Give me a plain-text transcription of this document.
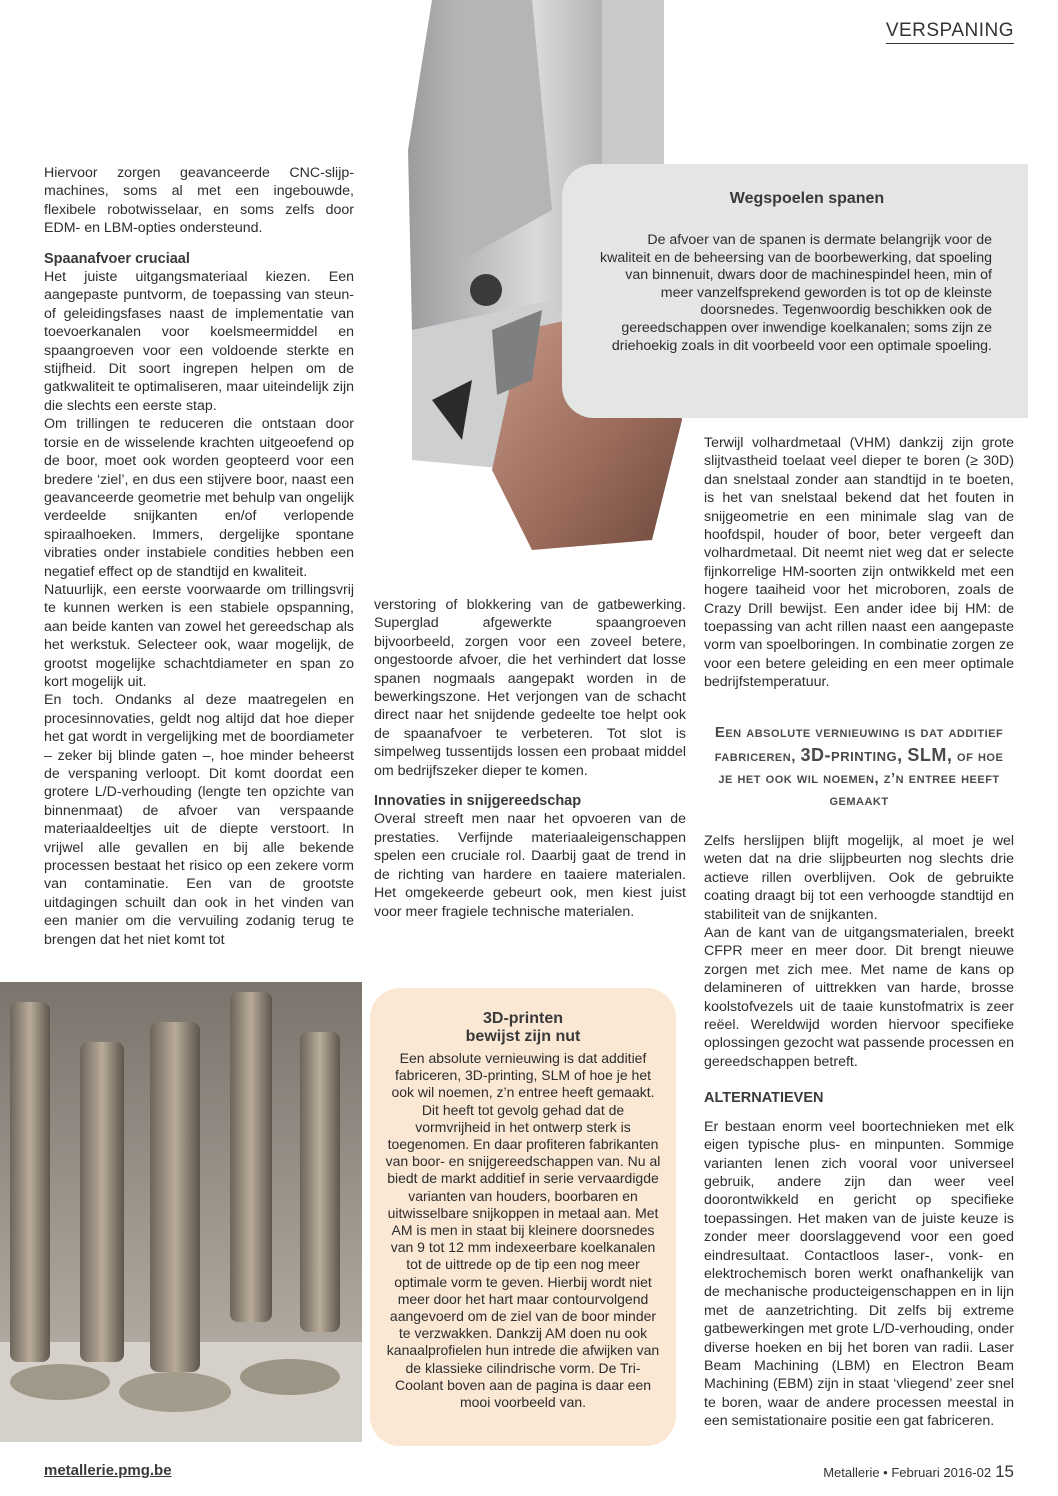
VERSPANING
Wegspoelen spanen
De afvoer van de spanen is dermate belangrijk voor de kwaliteit en de beheersing van de boorbewerking, dat spoeling van binnenuit, dwars door de machinespindel heen, min of meer vanzelfsprekend geworden is tot op de kleinste doorsnedes. Tegenwoordig beschikken ook de gereedschappen over inwendige koelkanalen; soms zijn ze driehoekig zoals in dit voorbeeld voor een optimale spoeling.

Hiervoor zorgen geavanceerde CNC-slijpmachines, soms al met een ingebouwde, flexibele robotwisselaar, en soms zelfs door EDM- en LBM-opties ondersteund.

Spaanafvoer cruciaal

Het juiste uitgangsmateriaal kiezen. Een aangepaste puntvorm, de toepassing van steun- of geleidingsfases naast de implementatie van toevoerkanalen voor koelsmeermiddel en spaangroeven voor een voldoende sterkte en stijfheid. Dit soort ingrepen helpen om de gatkwaliteit te optimaliseren, maar uiteindelijk zijn die slechts een eerste stap.

Om trillingen te reduceren die ontstaan door torsie en de wisselende krachten uitgeoefend op de boor, moet ook worden geopteerd voor een bredere ‘ziel’, en dus een stijvere boor, naast een geavanceerde geometrie met behulp van ongelijk verdeelde snijkanten en/of verlopende spiraalhoeken. Immers, dergelijke spontane vibraties onder instabiele condities hebben een negatief effect op de standtijd en kwaliteit.

Natuurlijk, een eerste voorwaarde om trillingsvrij te kunnen werken is een stabiele opspanning, aan beide kanten van zowel het gereedschap als het werkstuk. Selecteer ook, waar mogelijk, de grootst mogelijke schachtdiameter en span zo kort mogelijk uit.

En toch. Ondanks al deze maatregelen en procesinnovaties, geldt nog altijd dat hoe dieper het gat wordt in vergelijking met de boordiameter – zeker bij blinde gaten –, hoe minder beheerst de verspaning verloopt. Dit komt doordat een grotere L/D-verhouding (lengte ten opzichte van binnenmaat) de afvoer van verspaande materiaaldeeltjes uit de diepte verstoort. In vrijwel alle gevallen en bij alle bekende processen bestaat het risico op een zekere vorm van contaminatie. Een van de grootste uitdagingen schuilt dan ook in het vinden van een manier om die vervuiling zodanig terug te brengen dat het niet komt tot

verstoring of blokkering van de gatbewerking. Superglad afgewerkte spaangroeven bijvoorbeeld, zorgen voor een zoveel betere, ongestoorde afvoer, die het verhindert dat losse spanen nogmaals aangepakt worden in de bewerkingszone. Het verjongen van de schacht direct naar het snijdende gedeelte toe helpt ook de spaanafvoer te verbeteren. Tot slot is simpelweg tussentijds lossen een probaat middel om bedrijfszeker dieper te komen.

Innovaties in snijgereedschap

Overal streeft men naar het opvoeren van de prestaties. Verfijnde materiaaleigenschappen spelen een cruciale rol. Daarbij gaat de trend in de richting van hardere en taaiere materialen. Het omgekeerde gebeurt ook, men kiest juist voor meer fragiele technische materialen.

Terwijl volhardmetaal (VHM) dankzij zijn grote slijtvastheid toelaat veel dieper te boren (≥ 30D) dan snelstaal zonder aan standtijd in te boeten, is het van snelstaal bekend dat het fouten in snijgeometrie en een minimale slag van de hoofdspil, houder of boor, beter vergeeft dan volhardmetaal. Dit neemt niet weg dat er selecte fijnkorrelige HM-soorten zijn ontwikkeld met een hogere taaiheid voor het microboren, zoals de Crazy Drill bewijst. Een ander idee bij HM: de toepassing van acht rillen naast een aangepaste vorm van spoelboringen. In combinatie zorgen ze voor een betere geleiding en een meer optimale bedrijfstemperatuur.

Een absolute vernieuwing is dat additief fabriceren, 3D-printing, SLM, of hoe je het ook wil noemen, z’n entree heeft gemaakt

Zelfs herslijpen blijft mogelijk, al moet je wel weten dat na drie slijpbeurten nog slechts drie actieve rillen overblijven. Ook de gebruikte coating draagt bij tot een verhoogde standtijd en stabiliteit van de snijkanten.

Aan de kant van de uitgangsmaterialen, breekt CFPR meer en meer door. Dit brengt nieuwe zorgen met zich mee. Met name de kans op delamineren of uittrekken van harde, brosse koolstofvezels uit de taaie kunstofmatrix is zeer reëel. Wereldwijd worden hiervoor specifieke oplossingen gezocht wat passende processen en gereedschappen betreft.

ALTERNATIEVEN

Er bestaan enorm veel boortechnieken met elk eigen typische plus- en minpunten. Sommige varianten lenen zich vooral voor universeel gebruik, andere zijn dan weer veel doorontwikkeld en gericht op specifieke toepassingen. Het maken van de juiste keuze is zonder meer doorslaggevend voor een goed eindresultaat. Contactloos laser-, vonk- en elektrochemisch boren werkt onafhankelijk van de mechanische producteigenschappen en in lijn met de aanzetrichting. Dit zelfs bij extreme gatbewerkingen met grote L/D-verhouding, onder diverse hoeken en bij het boren van radii. Laser Beam Machining (LBM) en Electron Beam Machining (EBM) zijn in staat ‘vliegend’ zeer snel te boren, waar de andere processen meestal in een semistationaire positie een gat fabriceren.

3D-printen
bewijst zijn nut
Een absolute vernieuwing is dat additief fabriceren, 3D-printing, SLM of hoe je het ook wil noemen, z’n entree heeft gemaakt. Dit heeft tot gevolg gehad dat de vormvrijheid in het ontwerp sterk is toegenomen. En daar profiteren fabrikanten van boor- en snijgereedschappen van. Nu al biedt de markt additief in serie vervaardigde varianten van houders, boorbaren en uitwisselbare snijkoppen in metaal aan. Met AM is men in staat bij kleinere doorsnedes van 9 tot 12 mm indexeerbare koelkanalen tot de uittrede op de tip een nog meer optimale vorm te geven. Hierbij wordt niet meer door het hart maar contourvolgend aangevoerd om de ziel van de boor minder te verzwakken. Dankzij AM doen nu ook kanaalprofielen hun intrede die afwijken van de klassieke cilindrische vorm. De Tri-Coolant boven aan de pagina is daar een mooi voorbeeld van.
metallerie.pmg.be	Metallerie • Februari 2016-02 15
